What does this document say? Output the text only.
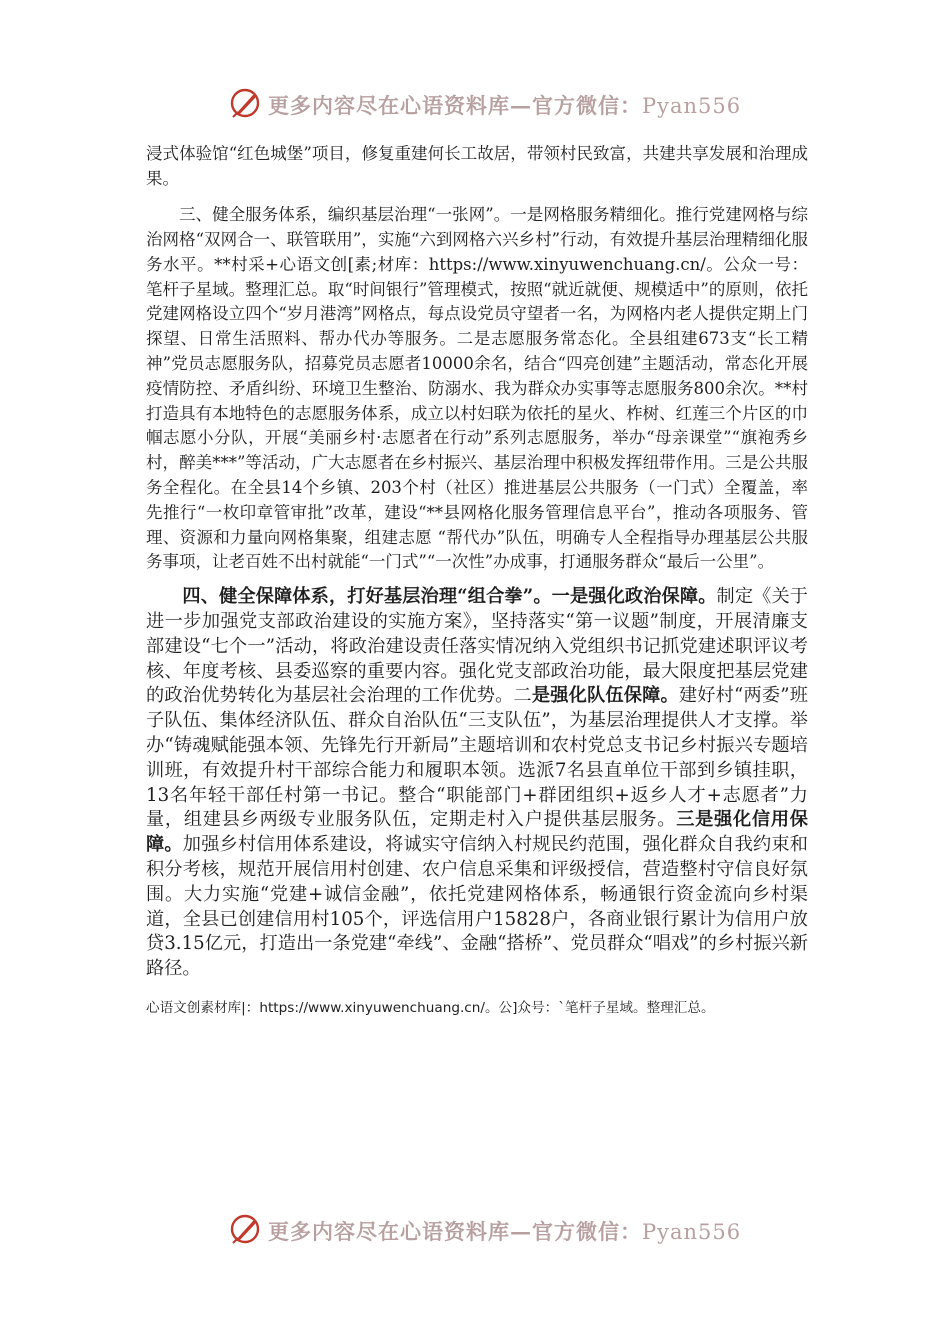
更多内容尽在心语资料库—官方微信：Pyan556

浸式体验馆“红色城堡”项目，修复重建何长工故居，带领村民致富，共建共享发展和治理成果。

三、健全服务体系，编织基层治理“一张网”。一是网格服务精细化。推行党建网格与综治网格“双网合一、联管联用”，实施“六到网格六兴乡村”行动，有效提升基层治理精细化服务水平。**村采+心语文创[素;材库：https://www.xinyuwenchuang.cn/。公众一号：笔杆子星域。整理汇总。取“时间银行”管理模式，按照“就近就便、规模适中”的原则，依托党建网格设立四个“岁月港湾”网格点，每点设党员守望者一名，为网格内老人提供定期上门探望、日常生活照料、帮办代办等服务。二是志愿服务常态化。全县组建673支“长工精神”党员志愿服务队，招募党员志愿者10000余名，结合“四亮创建”主题活动，常态化开展疫情防控、矛盾纠纷、环境卫生整治、防溺水、我为群众办实事等志愿服务800余次。**村打造具有本地特色的志愿服务体系，成立以村妇联为依托的星火、柞树、红莲三个片区的巾帼志愿小分队，开展“美丽乡村·志愿者在行动”系列志愿服务，举办“母亲课堂”“旗袍秀乡村，醉美***”等活动，广大志愿者在乡村振兴、基层治理中积极发挥纽带作用。三是公共服务全程化。在全县14个乡镇、203个村（社区）推进基层公共服务（一门式）全覆盖，率先推行“一枚印章管审批”改革，建设“**县网格化服务管理信息平台”，推动各项服务、管理、资源和力量向网格集聚，组建志愿 “帮代办”队伍，明确专人全程指导办理基层公共服务事项，让老百姓不出村就能“一门式”“一次性”办成事，打通服务群众“最后一公里”。

四、健全保障体系，打好基层治理“组合拳”。一是强化政治保障。制定《关于进一步加强党支部政治建设的实施方案》，坚持落实“第一议题”制度，开展清廉支部建设“七个一”活动，将政治建设责任落实情况纳入党组织书记抓党建述职评议考核、年度考核、县委巡察的重要内容。强化党支部政治功能，最大限度把基层党建的政治优势转化为基层社会治理的工作优势。二是强化队伍保障。建好村“两委”班子队伍、集体经济队伍、群众自治队伍“三支队伍”，为基层治理提供人才支撑。举办“铸魂赋能强本领、先锋先行开新局”主题培训和农村党总支书记乡村振兴专题培训班，有效提升村干部综合能力和履职本领。选派7名县直单位干部到乡镇挂职，13名年轻干部任村第一书记。整合“职能部门+群团组织+返乡人才+志愿者”力量，组建县乡两级专业服务队伍，定期走村入户提供基层服务。三是强化信用保障。加强乡村信用体系建设，将诚实守信纳入村规民约范围，强化群众自我约束和积分考核，规范开展信用村创建、农户信息采集和评级授信，营造整村守信良好氛围。大力实施“党建+诚信金融”，依托党建网格体系，畅通银行资金流向乡村渠道，全县已创建信用村105个，评选信用户15828户，各商业银行累计为信用户放贷3.15亿元，打造出一条党建“牵线”、金融“搭桥”、党员群众“唱戏”的乡村振兴新路径。

心语文创素材库|：https://www.xinyuwenchuang.cn/。公]众号：`笔杆子星域。整理汇总。
更多内容尽在心语资料库—官方微信：Pyan556
